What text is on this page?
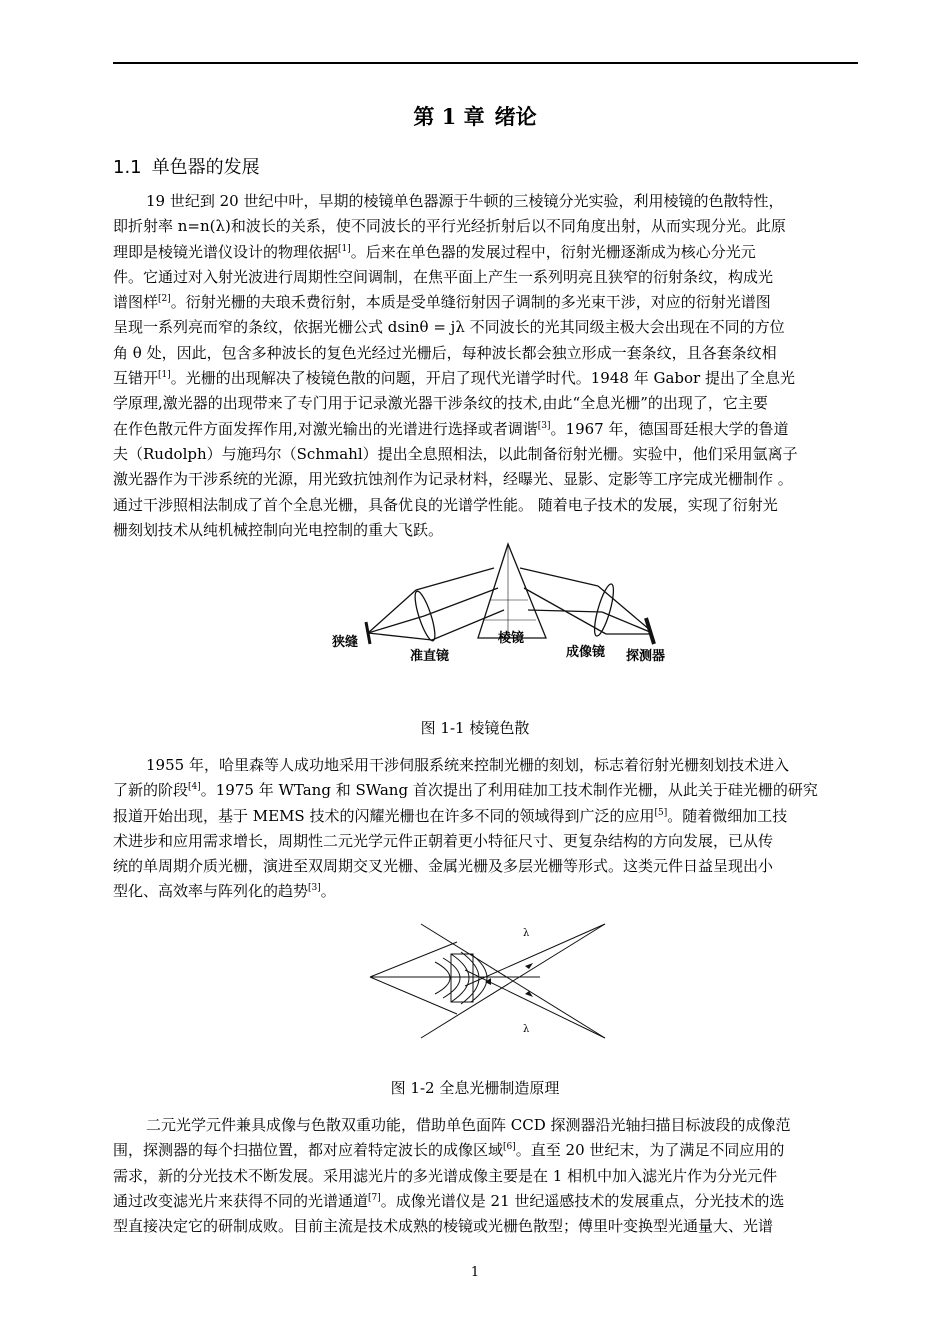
第 1 章 绪论
1.1 单色器的发展
19 世纪到 20 世纪中叶，早期的棱镜单色器源于牛顿的三棱镜分光实验，利用棱镜的色散特性，
即折射率 n=n(λ)和波长的关系，使不同波长的平行光经折射后以不同角度出射，从而实现分光。此原
理即是棱镜光谱仪设计的物理依据[1]。后来在单色器的发展过程中，衍射光栅逐渐成为核心分光元
件。它通过对入射光波进行周期性空间调制，在焦平面上产生一系列明亮且狭窄的衍射条纹，构成光
谱图样[2]。衍射光栅的夫琅禾费衍射，本质是受单缝衍射因子调制的多光束干涉，对应的衍射光谱图
呈现一系列亮而窄的条纹，依据光栅公式 dsinθ = jλ 不同波长的光其同级主极大会出现在不同的方位
角 θ 处，因此，包含多种波长的复色光经过光栅后，每种波长都会独立形成一套条纹，且各套条纹相
互错开[1]。光栅的出现解决了棱镜色散的问题，开启了现代光谱学时代。1948 年 Gabor 提出了全息光
学原理,激光器的出现带来了专门用于记录激光器干涉条纹的技术,由此“全息光栅”的出现了，它主要
在作色散元件方面发挥作用,对激光输出的光谱进行选择或者调谐[3]。1967 年，德国哥廷根大学的鲁道
夫（Rudolph）与施玛尔（Schmahl）提出全息照相法，以此制备衍射光栅。实验中，他们采用氩离子
激光器作为干涉系统的光源，用光致抗蚀剂作为记录材料，经曝光、显影、定影等工序完成光栅制作 。
通过干涉照相法制成了首个全息光栅，具备优良的光谱学性能。 随着电子技术的发展，实现了衍射光
栅刻划技术从纯机械控制向光电控制的重大飞跃。
狭缝
准直镜
棱镜
成像镜 探测器
图 1-1 棱镜色散
1955 年，哈里森等人成功地采用干涉伺服系统来控制光栅的刻划，标志着衍射光栅刻划技术进入
了新的阶段[4]。1975 年 WTang 和 SWang 首次提出了利用硅加工技术制作光栅，从此关于硅光栅的研究
报道开始出现，基于 MEMS 技术的闪耀光栅也在许多不同的领域得到广泛的应用[5]。随着微细加工技
术进步和应用需求增长，周期性二元光学元件正朝着更小特征尺寸、更复杂结构的方向发展，已从传
统的单周期介质光栅，演进至双周期交叉光栅、金属光栅及多层光栅等形式。这类元件日益呈现出小
型化、高效率与阵列化的趋势[3]。
λ
λ
图 1-2 全息光栅制造原理
二元光学元件兼具成像与色散双重功能，借助单色面阵 CCD 探测器沿光轴扫描目标波段的成像范
围，探测器的每个扫描位置，都对应着特定波长的成像区域[6]。直至 20 世纪末，为了满足不同应用的
需求，新的分光技术不断发展。采用滤光片的多光谱成像主要是在 1 相机中加入滤光片作为分光元件
通过改变滤光片来获得不同的光谱通道[7]。成像光谱仪是 21 世纪遥感技术的发展重点，分光技术的选
型直接决定它的研制成败。目前主流是技术成熟的棱镜或光栅色散型；傅里叶变换型光通量大、光谱
1
